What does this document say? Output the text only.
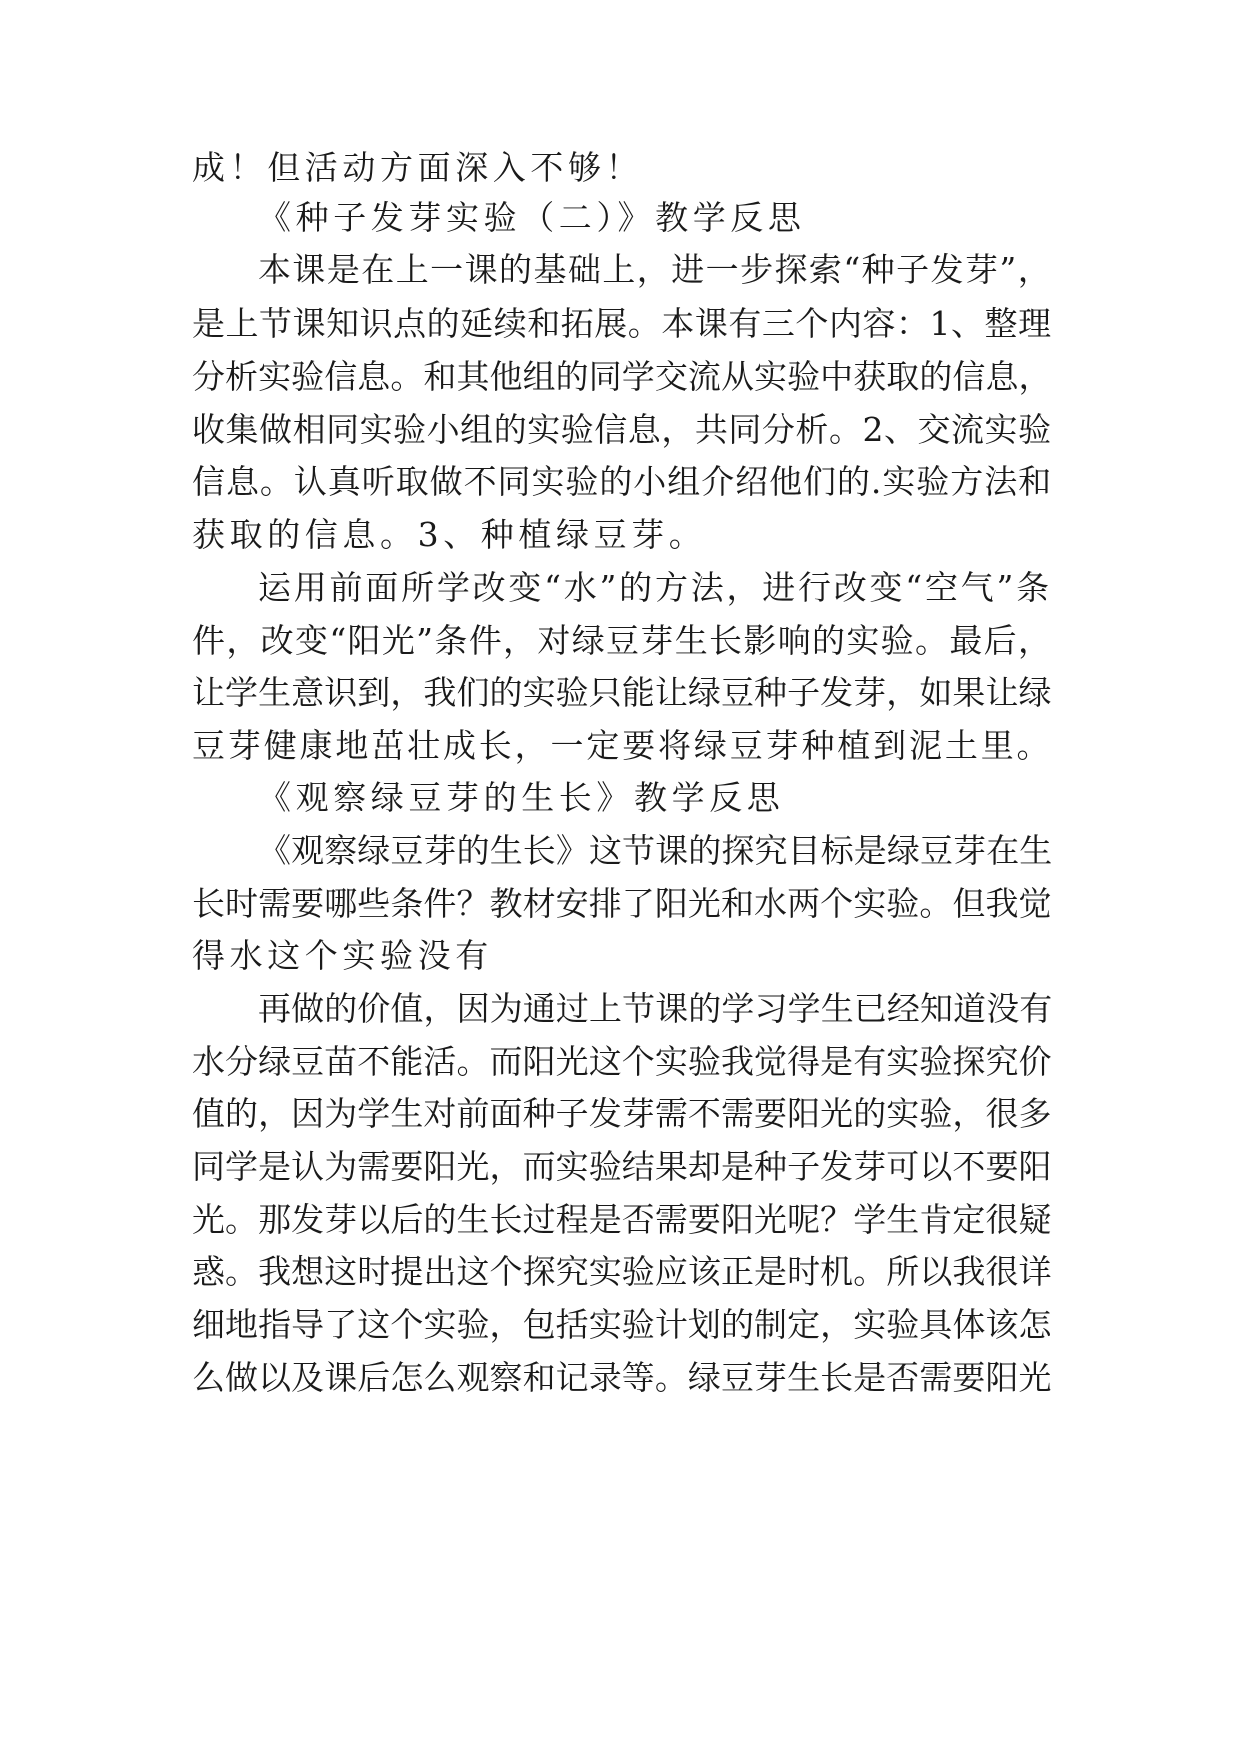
成！但活动方面深入不够！
《种子发芽实验（二）》教学反思
本课是在上一课的基础上，进一步探索“种子发芽”，
是上节课知识点的延续和拓展。本课有三个内容：1、整理
分析实验信息。和其他组的同学交流从实验中获取的信息，
收集做相同实验小组的实验信息，共同分析。2、交流实验
信息。认真听取做不同实验的小组介绍他们的.实验方法和
获取的信息。3、种植绿豆芽。
运用前面所学改变“水”的方法，进行改变“空气”条
件，改变“阳光”条件，对绿豆芽生长影响的实验。最后，
让学生意识到，我们的实验只能让绿豆种子发芽，如果让绿
豆芽健康地茁壮成长，一定要将绿豆芽种植到泥土里。
《观察绿豆芽的生长》教学反思
《观察绿豆芽的生长》这节课的探究目标是绿豆芽在生
长时需要哪些条件？教材安排了阳光和水两个实验。但我觉
得水这个实验没有
再做的价值，因为通过上节课的学习学生已经知道没有
水分绿豆苗不能活。而阳光这个实验我觉得是有实验探究价
值的，因为学生对前面种子发芽需不需要阳光的实验，很多
同学是认为需要阳光，而实验结果却是种子发芽可以不要阳
光。那发芽以后的生长过程是否需要阳光呢？学生肯定很疑
惑。我想这时提出这个探究实验应该正是时机。所以我很详
细地指导了这个实验，包括实验计划的制定，实验具体该怎
么做以及课后怎么观察和记录等。绿豆芽生长是否需要阳光
